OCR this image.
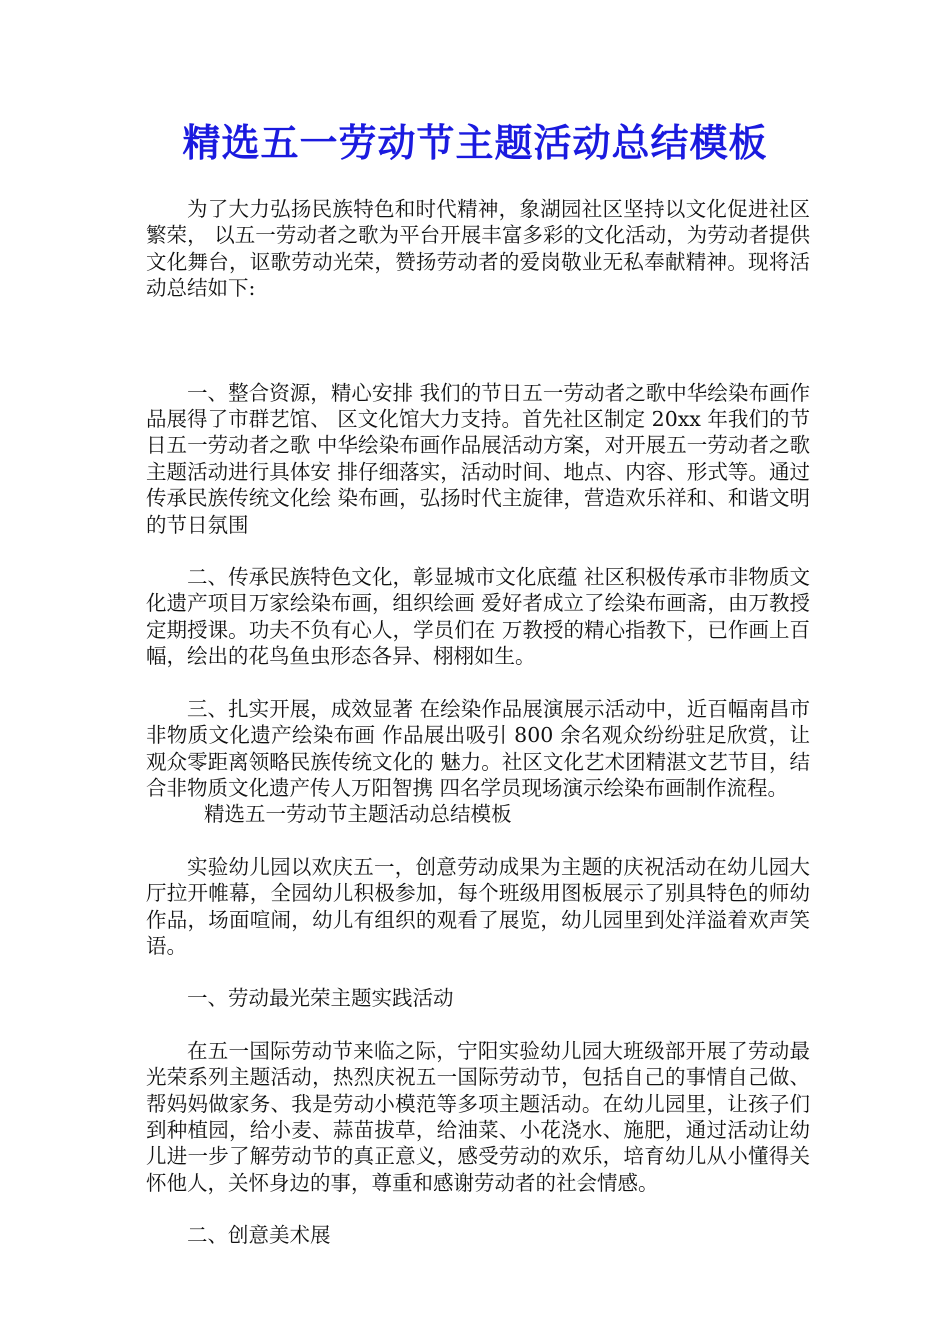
精选五一劳动节主题活动总结模板

为了大力弘扬民族特色和时代精神，象湖园社区坚持以文化促进社区繁荣， 以五一劳动者之歌为平台开展丰富多彩的文化活动，为劳动者提供文化舞台，讴歌劳动光荣，赞扬劳动者的爱岗敬业无私奉献精神。现将活动总结如下:

一、整合资源，精心安排 我们的节日五一劳动者之歌中华绘染布画作品展得了市群艺馆、 区文化馆大力支持。首先社区制定 20xx 年我们的节日五一劳动者之歌 中华绘染布画作品展活动方案，对开展五一劳动者之歌主题活动进行具体安 排仔细落实，活动时间、地点、内容、形式等。通过传承民族传统文化绘 染布画，弘扬时代主旋律，营造欢乐祥和、和谐文明的节日氛围

二、传承民族特色文化，彰显城市文化底蕴 社区积极传承市非物质文化遗产项目万家绘染布画，组织绘画 爱好者成立了绘染布画斋，由万教授定期授课。功夫不负有心人，学员们在 万教授的精心指教下，已作画上百幅，绘出的花鸟鱼虫形态各异、栩栩如生。

三、扎实开展，成效显著 在绘染作品展演展示活动中，近百幅南昌市非物质文化遗产绘染布画 作品展出吸引 800 余名观众纷纷驻足欣赏，让观众零距离领略民族传统文化的 魅力。社区文化艺术团精湛文艺节目，结合非物质文化遗产传人万阳智携 四名学员现场演示绘染布画制作流程。

精选五一劳动节主题活动总结模板

实验幼儿园以欢庆五一，创意劳动成果为主题的庆祝活动在幼儿园大厅拉开帷幕，全园幼儿积极参加，每个班级用图板展示了别具特色的师幼作品，场面喧闹，幼儿有组织的观看了展览，幼儿园里到处洋溢着欢声笑语。

一、劳动最光荣主题实践活动

在五一国际劳动节来临之际，宁阳实验幼儿园大班级部开展了劳动最光荣系列主题活动，热烈庆祝五一国际劳动节，包括自己的事情自己做、帮妈妈做家务、我是劳动小模范等多项主题活动。在幼儿园里，让孩子们到种植园，给小麦、蒜苗拔草，给油菜、小花浇水、施肥，通过活动让幼儿进一步了解劳动节的真正意义，感受劳动的欢乐，培育幼儿从小懂得关怀他人，关怀身边的事，尊重和感谢劳动者的社会情感。

二、创意美术展
